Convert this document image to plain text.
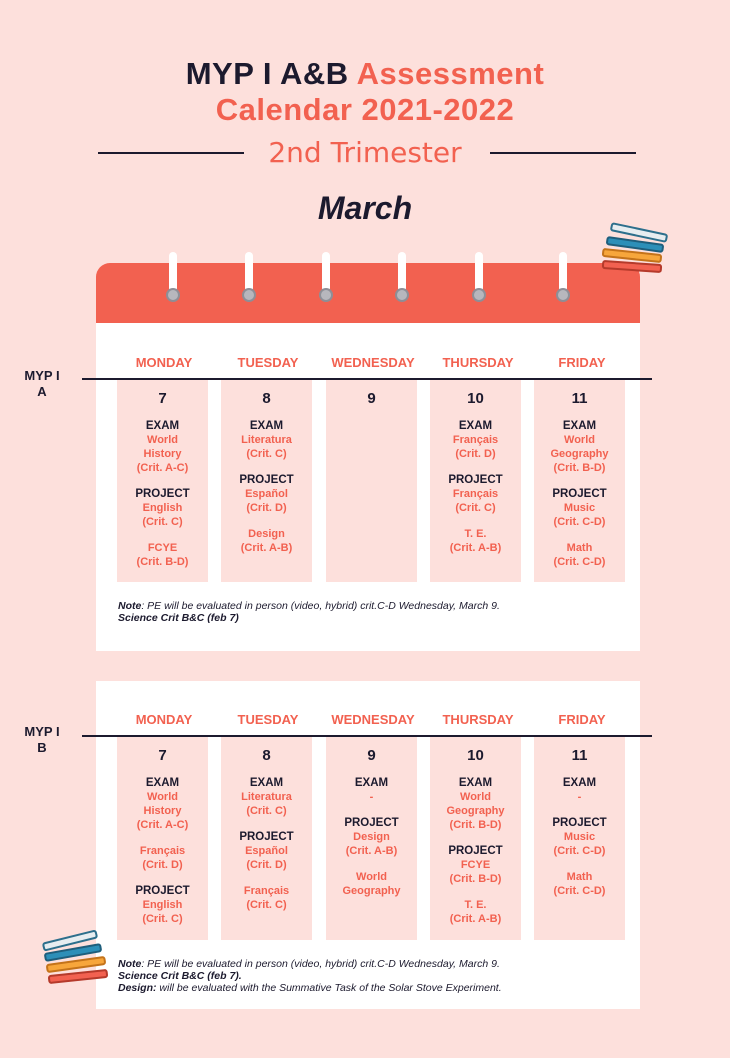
MYP I A&B Assessment
Calendar 2021-2022
2nd Trimester
March
MONDAY	TUESDAY	WEDNESDAY	THURSDAY	FRIDAY
MYP I
A	7
EXAM
World
History
(Crit. A-C)
PROJECT
English
(Crit. C)
FCYE
(Crit. B-D)
8
EXAM
Literatura
(Crit. C)
PROJECT
Español
(Crit. D)
Design
(Crit. A-B)
9	10
EXAM
Français
(Crit. D)
PROJECT
Français
(Crit. C)
T. E.
(Crit. A-B)
11
EXAM
World
Geography
(Crit. B-D)
PROJECT
Music
(Crit. C-D)
Math
(Crit. C-D)
Note: PE will be evaluated in person (video, hybrid) crit.C-D Wednesday, March 9.
Science Crit B&C (feb 7)
MONDAY	TUESDAY	WEDNESDAY	THURSDAY	FRIDAY
MYP I
B	7
EXAM
World
History
(Crit. A-C)
Français
(Crit. D)
PROJECT
English
(Crit. C)
8
EXAM
Literatura
(Crit. C)
PROJECT
Español
(Crit. D)
Français
(Crit. C)
9
EXAM
-
PROJECT
Design
(Crit. A-B)
World
Geography
10
EXAM
World
Geography
(Crit. B-D)
PROJECT
FCYE
(Crit. B-D)
T. E.
(Crit. A-B)
11
EXAM
-
PROJECT
Music
(Crit. C-D)
Math
(Crit. C-D)
Note: PE will be evaluated in person (video, hybrid) crit.C-D Wednesday, March 9.
Science Crit B&C (feb 7).
Design: will be evaluated with the Summative Task of the Solar Stove Experiment.
